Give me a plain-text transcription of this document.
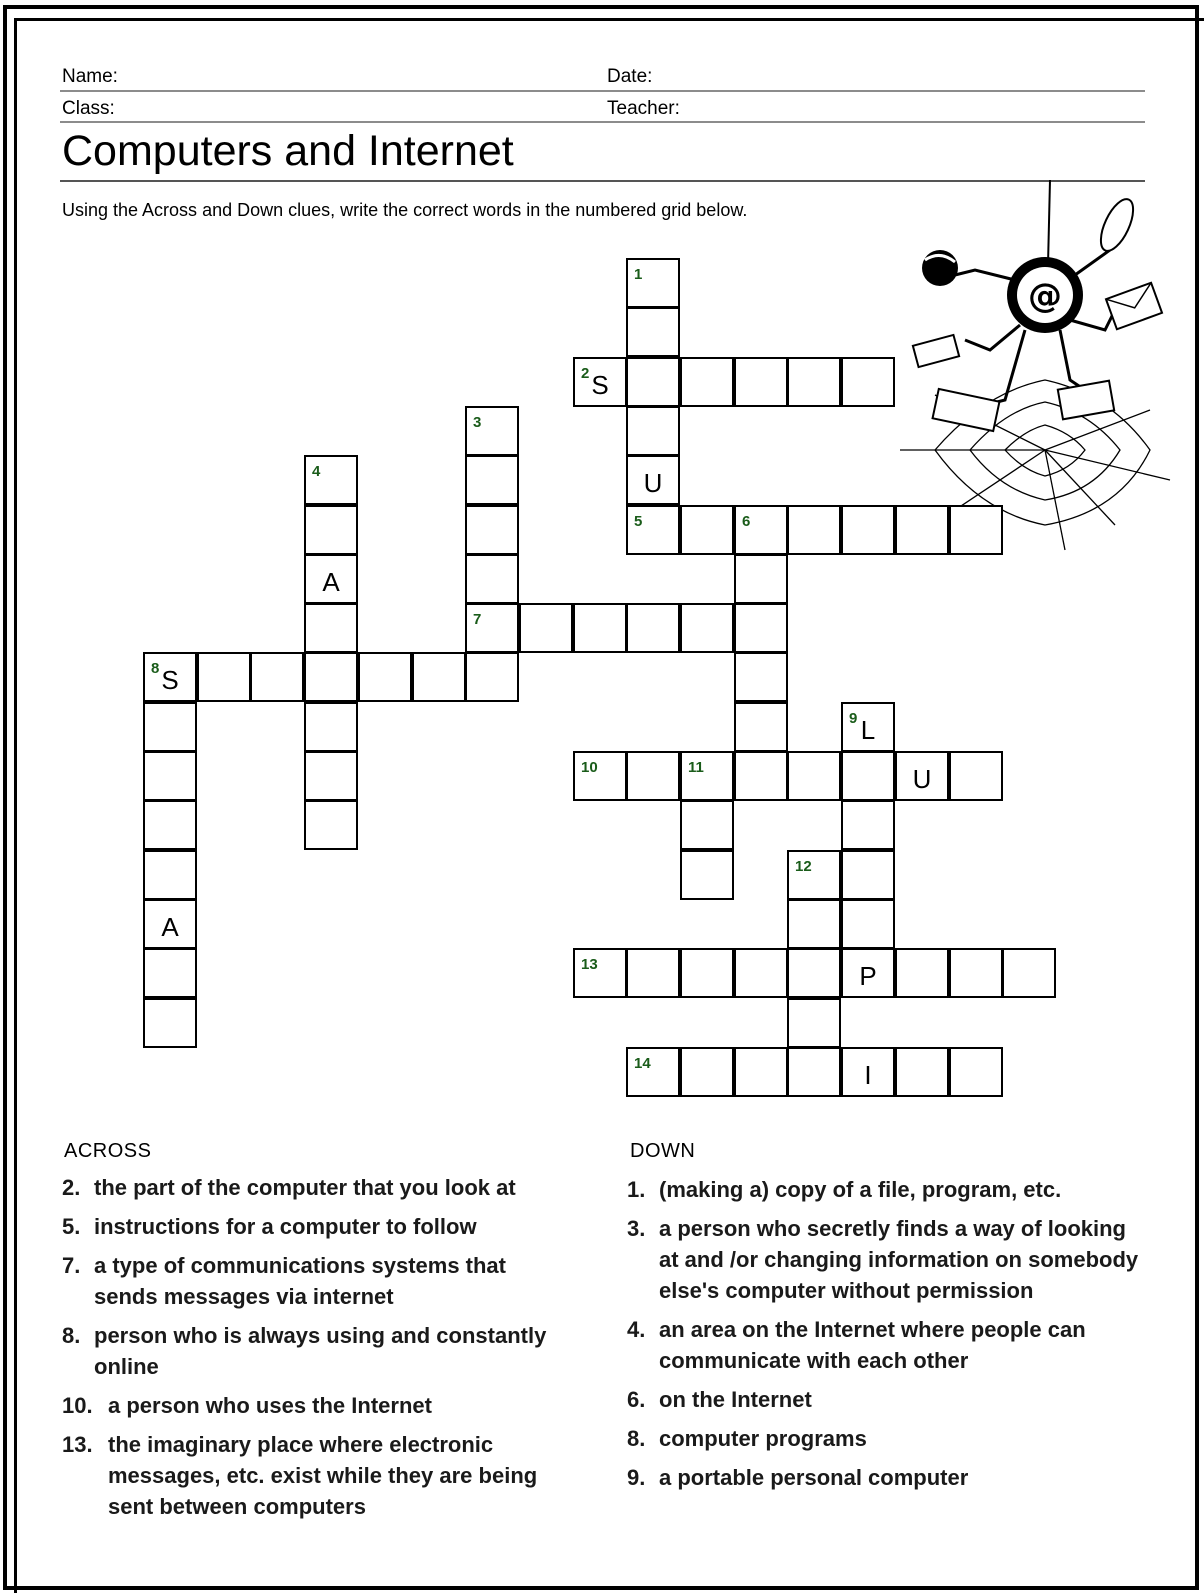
Name:	Date:
Class:	Teacher:
Computers and Internet
Using the Across and Down clues, write the correct words in the numbered grid below.
@
1
2 S
3
4	U
5	6
A
7
8 S
9 L
10	11	U
12
A
13	P
14	I
ACROSS
2. the part of the computer that you look at
5. instructions for a computer to follow
7. a type of communications systems that sends messages via internet
8. person who is always using and constantly online
10. a person who uses the Internet
13. the imaginary place where electronic messages, etc. exist while they are being sent between computers
DOWN
1. (making a) copy of a file, program, etc.
3. a person who secretly finds a way of looking at and /or changing information on somebody else's computer without permission
4. an area on the Internet where people can communicate with each other
6. on the Internet
8. computer programs
9. a portable personal computer
